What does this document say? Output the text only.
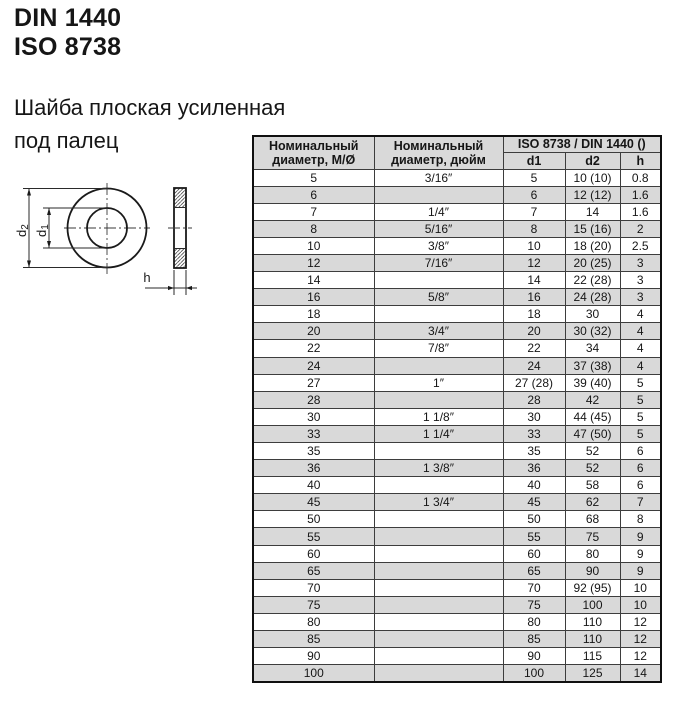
DIN 1440
ISO 8738
Шайба плоская усиленная
под палец
d2
d1
h
Номинальный
диаметр, М/Ø	Номинальный
диаметр, дюйм	ISO 8738 / DIN 1440 ()		
		d1	d2	h
5	3/16″	5	10 (10)	0.8
6		6	12 (12)	1.6
7	1/4″	7	14	1.6
8	5/16″	8	15 (16)	2
10	3/8″	10	18 (20)	2.5
12	7/16″	12	20 (25)	3
14		14	22 (28)	3
16	5/8″	16	24 (28)	3
18		18	30	4
20	3/4″	20	30 (32)	4
22	7/8″	22	34	4
24		24	37 (38)	4
27	1″	27 (28)	39 (40)	5
28		28	42	5
30	1 1/8″	30	44 (45)	5
33	1 1/4″	33	47 (50)	5
35		35	52	6
36	1 3/8″	36	52	6
40		40	58	6
45	1 3/4″	45	62	7
50		50	68	8
55		55	75	9
60		60	80	9
65		65	90	9
70		70	92 (95)	10
75		75	100	10
80		80	110	12
85		85	110	12
90		90	115	12
100		100	125	14
